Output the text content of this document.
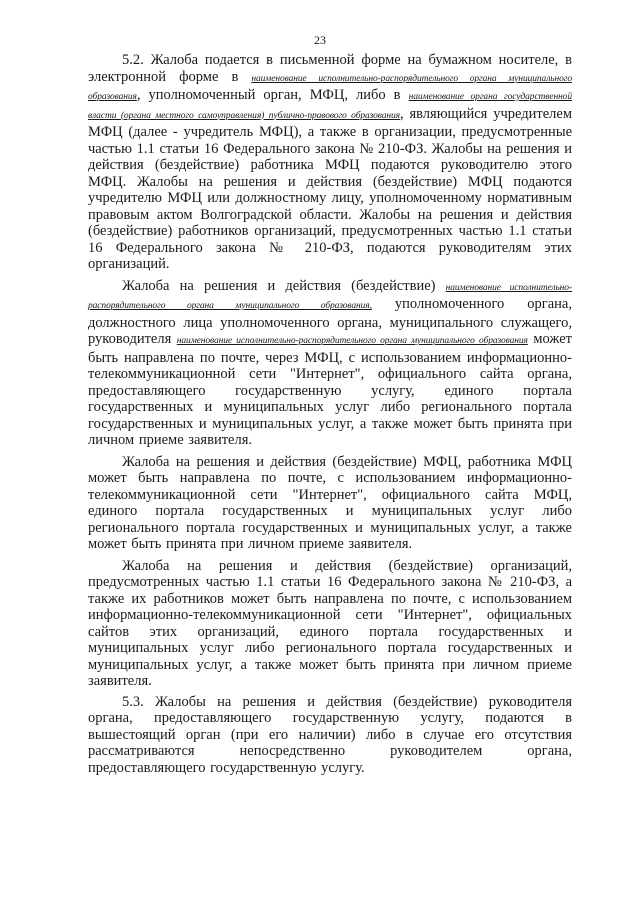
23

5.2. Жалоба подается в письменной форме на бумажном носителе, в электронной форме в наименование исполнительно-распорядительного органа муниципального образования, уполномоченный орган, МФЦ, либо в наименование органа государственной власти (органа местного самоуправления) публично-правового образования, являющийся учредителем МФЦ (далее - учредитель МФЦ), а также в организации, предусмотренные частью 1.1 статьи 16 Федерального закона № 210-ФЗ. Жалобы на решения и действия (бездействие) работника МФЦ подаются руководителю этого МФЦ. Жалобы на решения и действия (бездействие) МФЦ подаются учредителю МФЦ или должностному лицу, уполномоченному нормативным правовым актом Волгоградской области. Жалобы на решения и действия (бездействие) работников организаций, предусмотренных частью 1.1 статьи 16 Федерального закона № 210-ФЗ, подаются руководителям этих организаций.

Жалоба на решения и действия (бездействие) наименование исполнительно-распорядительного органа муниципального образования, уполномоченного органа, должностного лица уполномоченного органа, муниципального служащего, руководителя наименование исполнительно-распорядительного органа муниципального образования может быть направлена по почте, через МФЦ, с использованием информационно-телекоммуникационной сети "Интернет", официального сайта органа, предоставляющего государственную услугу, единого портала государственных и муниципальных услуг либо регионального портала государственных и муниципальных услуг, а также может быть принята при личном приеме заявителя.

Жалоба на решения и действия (бездействие) МФЦ, работника МФЦ может быть направлена по почте, с использованием информационно-телекоммуникационной сети "Интернет", официального сайта МФЦ, единого портала государственных и муниципальных услуг либо регионального портала государственных и муниципальных услуг, а также может быть принята при личном приеме заявителя.

Жалоба на решения и действия (бездействие) организаций, предусмотренных частью 1.1 статьи 16 Федерального закона № 210-ФЗ, а также их работников может быть направлена по почте, с использованием информационно-телекоммуникационной сети "Интернет", официальных сайтов этих организаций, единого портала государственных и муниципальных услуг либо регионального портала государственных и муниципальных услуг, а также может быть принята при личном приеме заявителя.

5.3. Жалобы на решения и действия (бездействие) руководителя органа, предоставляющего государственную услугу, подаются в вышестоящий орган (при его наличии) либо в случае его отсутствия рассматриваются непосредственно руководителем органа, предоставляющего государственную услугу.
